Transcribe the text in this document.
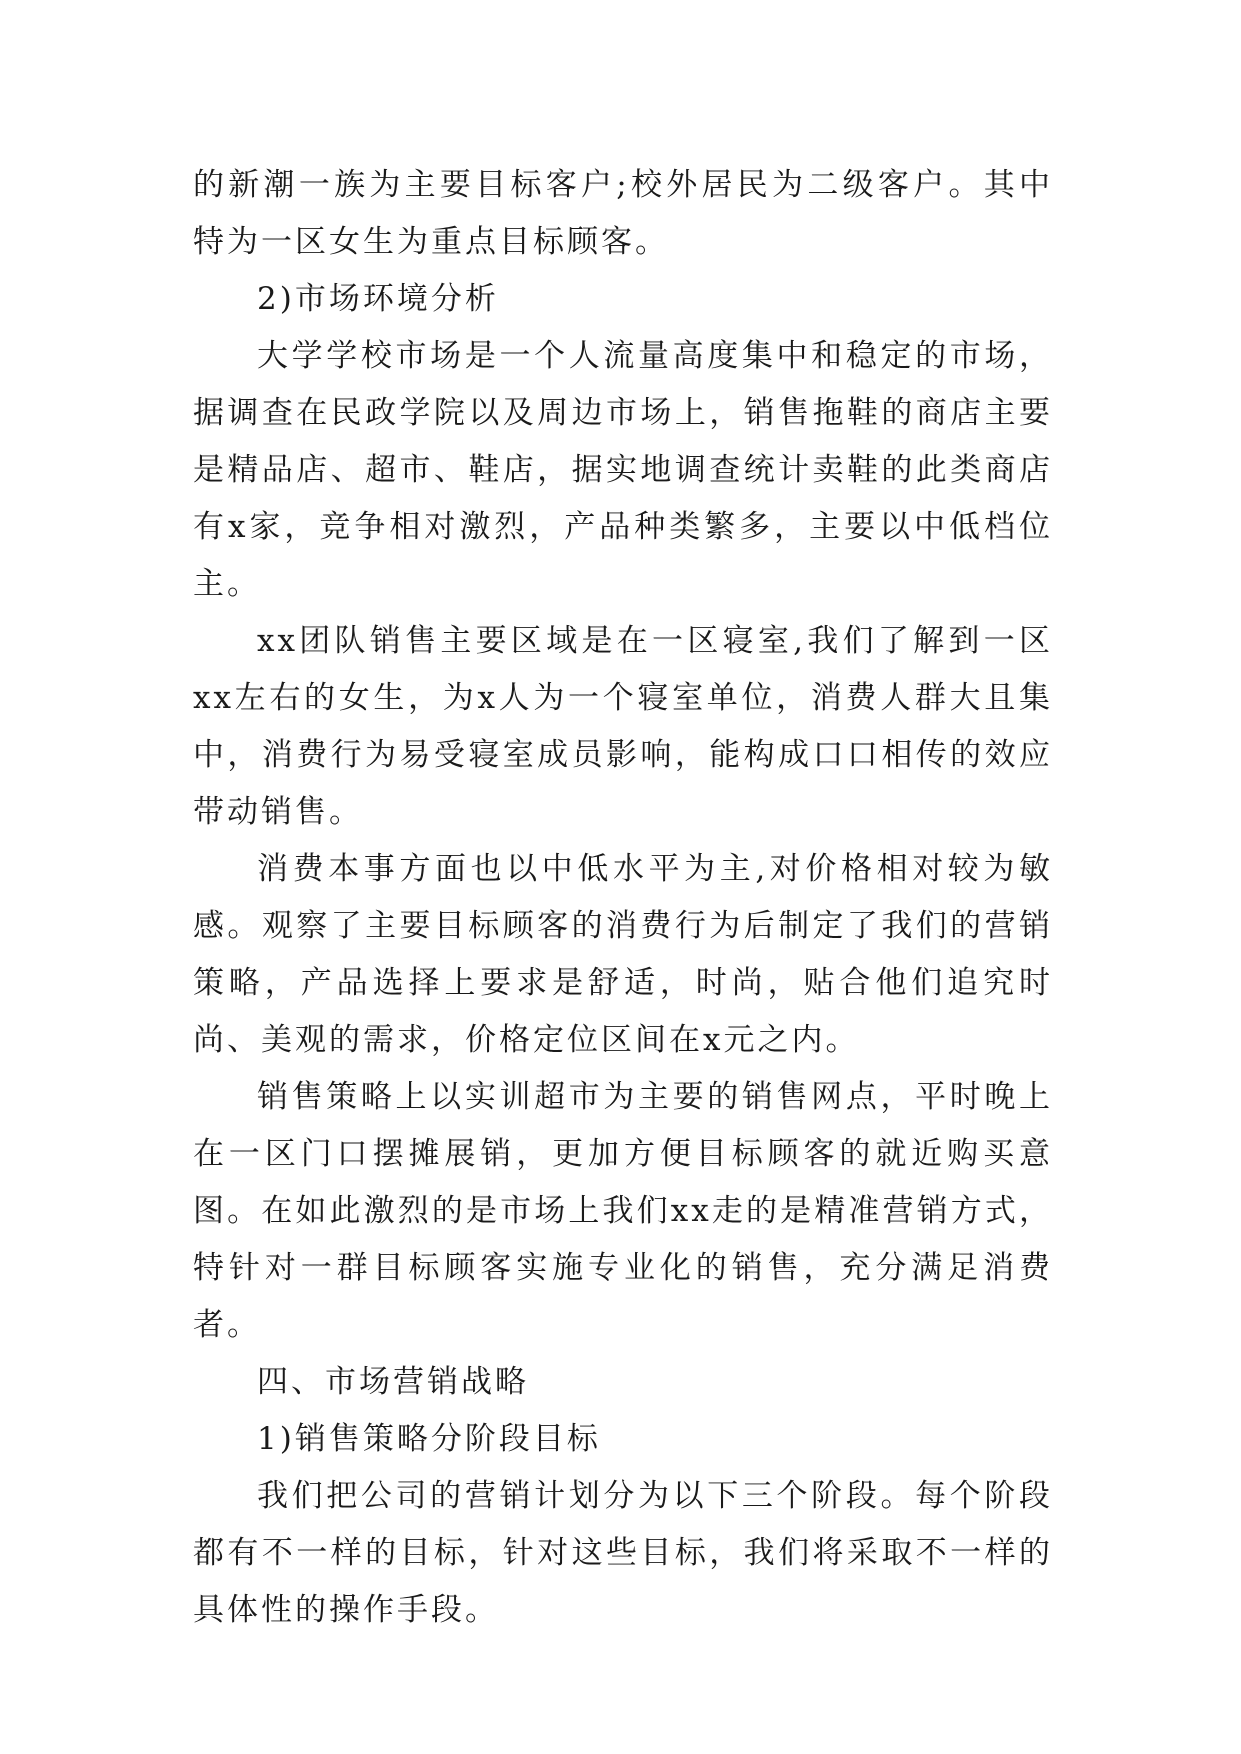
的新潮一族为主要目标客户;校外居民为二级客户。其中特为一区女生为重点目标顾客。

2)市场环境分析

大学学校市场是一个人流量高度集中和稳定的市场，据调查在民政学院以及周边市场上，销售拖鞋的商店主要是精品店、超市、鞋店，据实地调查统计卖鞋的此类商店有x家，竞争相对激烈，产品种类繁多，主要以中低档位主。

xx团队销售主要区域是在一区寝室,我们了解到一区xx左右的女生，为x人为一个寝室单位，消费人群大且集中，消费行为易受寝室成员影响，能构成口口相传的效应带动销售。

消费本事方面也以中低水平为主,对价格相对较为敏感。观察了主要目标顾客的消费行为后制定了我们的营销策略，产品选择上要求是舒适，时尚，贴合他们追究时尚、美观的需求，价格定位区间在x元之内。

销售策略上以实训超市为主要的销售网点，平时晚上在一区门口摆摊展销，更加方便目标顾客的就近购买意图。在如此激烈的是市场上我们xx走的是精准营销方式，特针对一群目标顾客实施专业化的销售，充分满足消费者。

四、市场营销战略

1)销售策略分阶段目标

我们把公司的营销计划分为以下三个阶段。每个阶段都有不一样的目标，针对这些目标，我们将采取不一样的具体性的操作手段。
